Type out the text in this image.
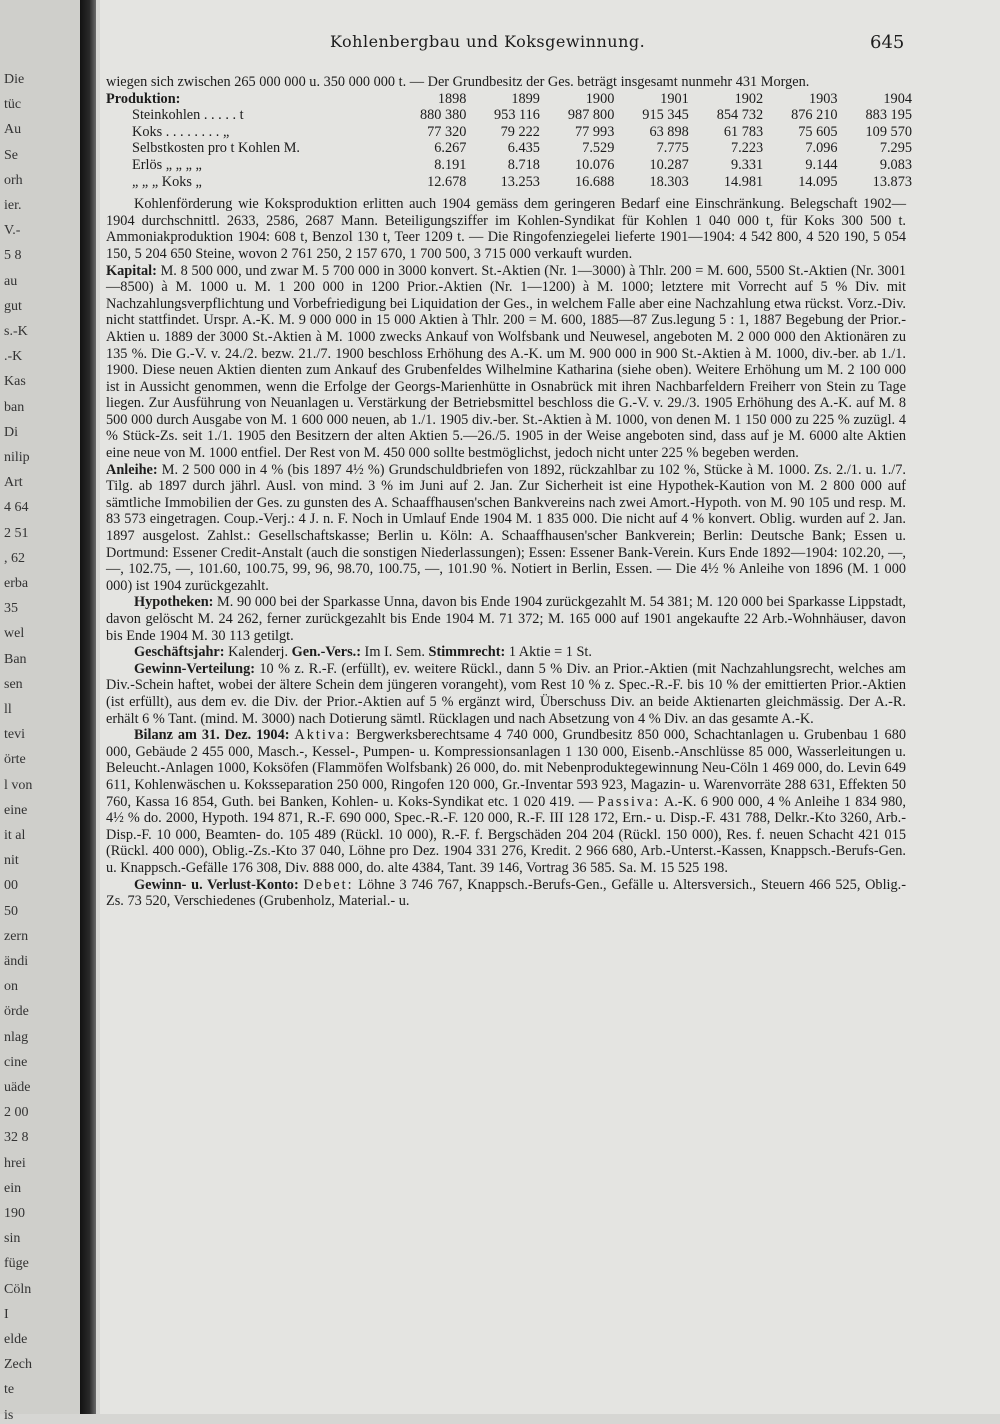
Die
tüc
Au
Se
orh
ier.
V.-
5 8
au
gut
s.-K
.-K
Kas
ban
Di
nilip
Art
4 64
2 51
, 62
erba
35
wel
Ban
sen
ll
tevi
örte
l von
eine
it al
nit
00
50
zern
ändi
on
örde
nlag
cine
uäde
2 00
32 8
hrei
ein
190
sin
füge
Cöln
I
elde
Zech
te
is
Kohlenbergbau und Koksgewinnung.	645

wiegen sich zwischen 265 000 000 u. 350 000 000 t. — Der Grundbesitz der Ges. beträgt insgesamt nunmehr 431 Morgen.

Produktion:	1898	1899	1900	1901	1902	1903	1904
Steinkohlen . . . . . t	880 380	953 116	987 800	915 345	854 732	876 210	883 195
Koks . . . . . . . . „	77 320	79 222	77 993	63 898	61 783	75 605	109 570
Selbstkosten pro t Kohlen M.	6.267	6.435	7.529	7.775	7.223	7.096	7.295
Erlös „ „ „ „	8.191	8.718	10.076	10.287	9.331	9.144	9.083
„ „ „ Koks „	12.678	13.253	16.688	18.303	14.981	14.095	13.873

Kohlenförderung wie Koksproduktion erlitten auch 1904 gemäss dem geringeren Bedarf eine Einschränkung. Belegschaft 1902—1904 durchschnittl. 2633, 2586, 2687 Mann. Beteiligungsziffer im Kohlen-Syndikat für Kohlen 1 040 000 t, für Koks 300 500 t. Ammoniakproduktion 1904: 608 t, Benzol 130 t, Teer 1209 t. — Die Ringofenziegelei lieferte 1901—1904: 4 542 800, 4 520 190, 5 054 150, 5 204 650 Steine, wovon 2 761 250, 2 157 670, 1 700 500, 3 715 000 verkauft wurden.

Kapital: M. 8 500 000, und zwar M. 5 700 000 in 3000 konvert. St.-Aktien (Nr. 1—3000) à Thlr. 200 = M. 600, 5500 St.-Aktien (Nr. 3001—8500) à M. 1000 u. M. 1 200 000 in 1200 Prior.-Aktien (Nr. 1—1200) à M. 1000; letztere mit Vorrecht auf 5 % Div. mit Nachzahlungsverpflichtung und Vorbefriedigung bei Liquidation der Ges., in welchem Falle aber eine Nachzahlung etwa rückst. Vorz.-Div. nicht stattfindet. Urspr. A.-K. M. 9 000 000 in 15 000 Aktien à Thlr. 200 = M. 600, 1885—87 Zus.legung 5 : 1, 1887 Begebung der Prior.-Aktien u. 1889 der 3000 St.-Aktien à M. 1000 zwecks Ankauf von Wolfsbank und Neuwesel, angeboten M. 2 000 000 den Aktionären zu 135 %. Die G.-V. v. 24./2. bezw. 21./7. 1900 beschloss Erhöhung des A.-K. um M. 900 000 in 900 St.-Aktien à M. 1000, div.-ber. ab 1./1. 1900. Diese neuen Aktien dienten zum Ankauf des Grubenfeldes Wilhelmine Katharina (siehe oben). Weitere Erhöhung um M. 2 100 000 ist in Aussicht genommen, wenn die Erfolge der Georgs-Marienhütte in Osnabrück mit ihren Nachbarfeldern Freiherr von Stein zu Tage liegen. Zur Ausführung von Neuanlagen u. Verstärkung der Betriebsmittel beschloss die G.-V. v. 29./3. 1905 Erhöhung des A.-K. auf M. 8 500 000 durch Ausgabe von M. 1 600 000 neuen, ab 1./1. 1905 div.-ber. St.-Aktien à M. 1000, von denen M. 1 150 000 zu 225 % zuzügl. 4 % Stück-Zs. seit 1./1. 1905 den Besitzern der alten Aktien 5.—26./5. 1905 in der Weise angeboten sind, dass auf je M. 6000 alte Aktien eine neue von M. 1000 entfiel. Der Rest von M. 450 000 sollte bestmöglichst, jedoch nicht unter 225 % begeben werden.

Anleihe: M. 2 500 000 in 4 % (bis 1897 4½ %) Grundschuldbriefen von 1892, rückzahlbar zu 102 %, Stücke à M. 1000. Zs. 2./1. u. 1./7. Tilg. ab 1897 durch jährl. Ausl. von mind. 3 % im Juni auf 2. Jan. Zur Sicherheit ist eine Hypothek-Kaution von M. 2 800 000 auf sämtliche Immobilien der Ges. zu gunsten des A. Schaaffhausen'schen Bankvereins nach zwei Amort.-Hypoth. von M. 90 105 und resp. M. 83 573 eingetragen. Coup.-Verj.: 4 J. n. F. Noch in Umlauf Ende 1904 M. 1 835 000. Die nicht auf 4 % konvert. Oblig. wurden auf 2. Jan. 1897 ausgelost. Zahlst.: Gesellschaftskasse; Berlin u. Köln: A. Schaaffhausen'scher Bankverein; Berlin: Deutsche Bank; Essen u. Dortmund: Essener Credit-Anstalt (auch die sonstigen Niederlassungen); Essen: Essener Bank-Verein. Kurs Ende 1892—1904: 102.20, —, —, 102.75, —, 101.60, 100.75, 99, 96, 98.70, 100.75, —, 101.90 %. Notiert in Berlin, Essen. — Die 4½ % Anleihe von 1896 (M. 1 000 000) ist 1904 zurückgezahlt.

Hypotheken: M. 90 000 bei der Sparkasse Unna, davon bis Ende 1904 zurückgezahlt M. 54 381; M. 120 000 bei Sparkasse Lippstadt, davon gelöscht M. 24 262, ferner zurückgezahlt bis Ende 1904 M. 71 372; M. 165 000 auf 1901 angekaufte 22 Arb.-Wohnhäuser, davon bis Ende 1904 M. 30 113 getilgt.

Geschäftsjahr: Kalenderj. Gen.-Vers.: Im I. Sem. Stimmrecht: 1 Aktie = 1 St.

Gewinn-Verteilung: 10 % z. R.-F. (erfüllt), ev. weitere Rückl., dann 5 % Div. an Prior.-Aktien (mit Nachzahlungsrecht, welches am Div.-Schein haftet, wobei der ältere Schein dem jüngeren vorangeht), vom Rest 10 % z. Spec.-R.-F. bis 10 % der emittierten Prior.-Aktien (ist erfüllt), aus dem ev. die Div. der Prior.-Aktien auf 5 % ergänzt wird, Überschuss Div. an beide Aktienarten gleichmässig. Der A.-R. erhält 6 % Tant. (mind. M. 3000) nach Dotierung sämtl. Rücklagen und nach Absetzung von 4 % Div. an das gesamte A.-K.

Bilanz am 31. Dez. 1904: Aktiva: Bergwerksberechtsame 4 740 000, Grundbesitz 850 000, Schachtanlagen u. Grubenbau 1 680 000, Gebäude 2 455 000, Masch.-, Kessel-, Pumpen- u. Kompressionsanlagen 1 130 000, Eisenb.-Anschlüsse 85 000, Wasserleitungen u. Beleucht.-Anlagen 1000, Koksöfen (Flammöfen Wolfsbank) 26 000, do. mit Nebenproduktegewinnung Neu-Cöln 1 469 000, do. Levin 649 611, Kohlenwäschen u. Koksseparation 250 000, Ringofen 120 000, Gr.-Inventar 593 923, Magazin- u. Warenvorräte 288 631, Effekten 50 760, Kassa 16 854, Guth. bei Banken, Kohlen- u. Koks-Syndikat etc. 1 020 419. — Passiva: A.-K. 6 900 000, 4 % Anleihe 1 834 980, 4½ % do. 2000, Hypoth. 194 871, R.-F. 690 000, Spec.-R.-F. 120 000, R.-F. III 128 172, Ern.- u. Disp.-F. 431 788, Delkr.-Kto 3260, Arb.-Disp.-F. 10 000, Beamten- do. 105 489 (Rückl. 10 000), R.-F. f. Bergschäden 204 204 (Rückl. 150 000), Res. f. neuen Schacht 421 015 (Rückl. 400 000), Oblig.-Zs.-Kto 37 040, Löhne pro Dez. 1904 331 276, Kredit. 2 966 680, Arb.-Unterst.-Kassen, Knappsch.-Berufs-Gen. u. Knappsch.-Gefälle 176 308, Div. 888 000, do. alte 4384, Tant. 39 146, Vortrag 36 585. Sa. M. 15 525 198.

Gewinn- u. Verlust-Konto: Debet: Löhne 3 746 767, Knappsch.-Berufs-Gen., Gefälle u. Altersversich., Steuern 466 525, Oblig.-Zs. 73 520, Verschiedenes (Grubenholz, Material.- u.
